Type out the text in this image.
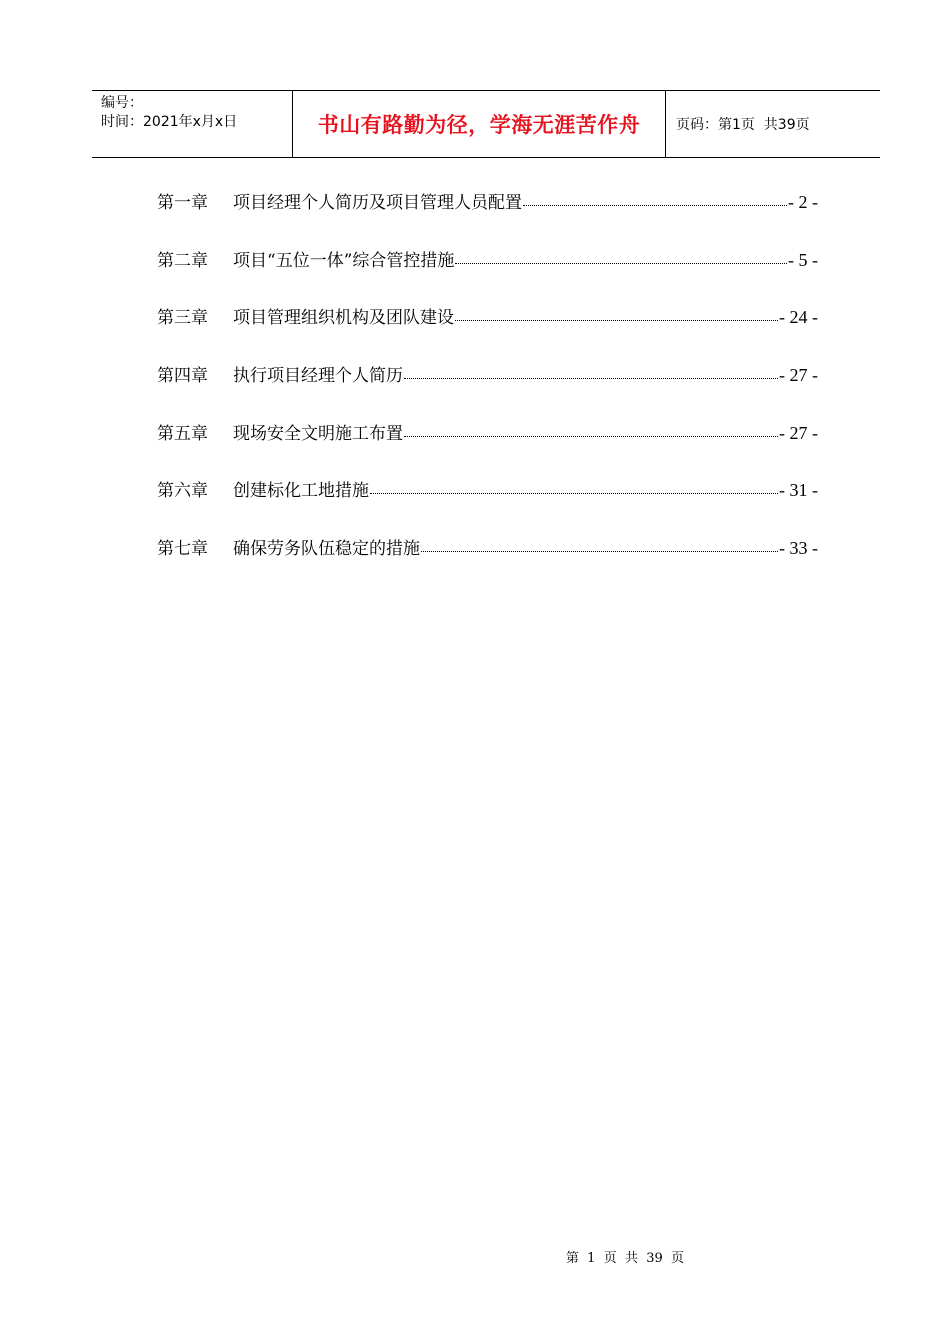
编号：
时间：2021年x月x日	书山有路勤为径，学海无涯苦作舟	页码：第1页  共39页
第一章	项目经理个人简历及项目管理人员配置	- 2 -
第二章	项目“五位一体”综合管控措施	- 5 -
第三章	项目管理组织机构及团队建设	- 24 -
第四章	执行项目经理个人简历	- 27 -
第五章	现场安全文明施工布置	- 27 -
第六章	创建标化工地措施	- 31 -
第七章	确保劳务队伍稳定的措施	- 33 -
第  1  页  共  39  页
